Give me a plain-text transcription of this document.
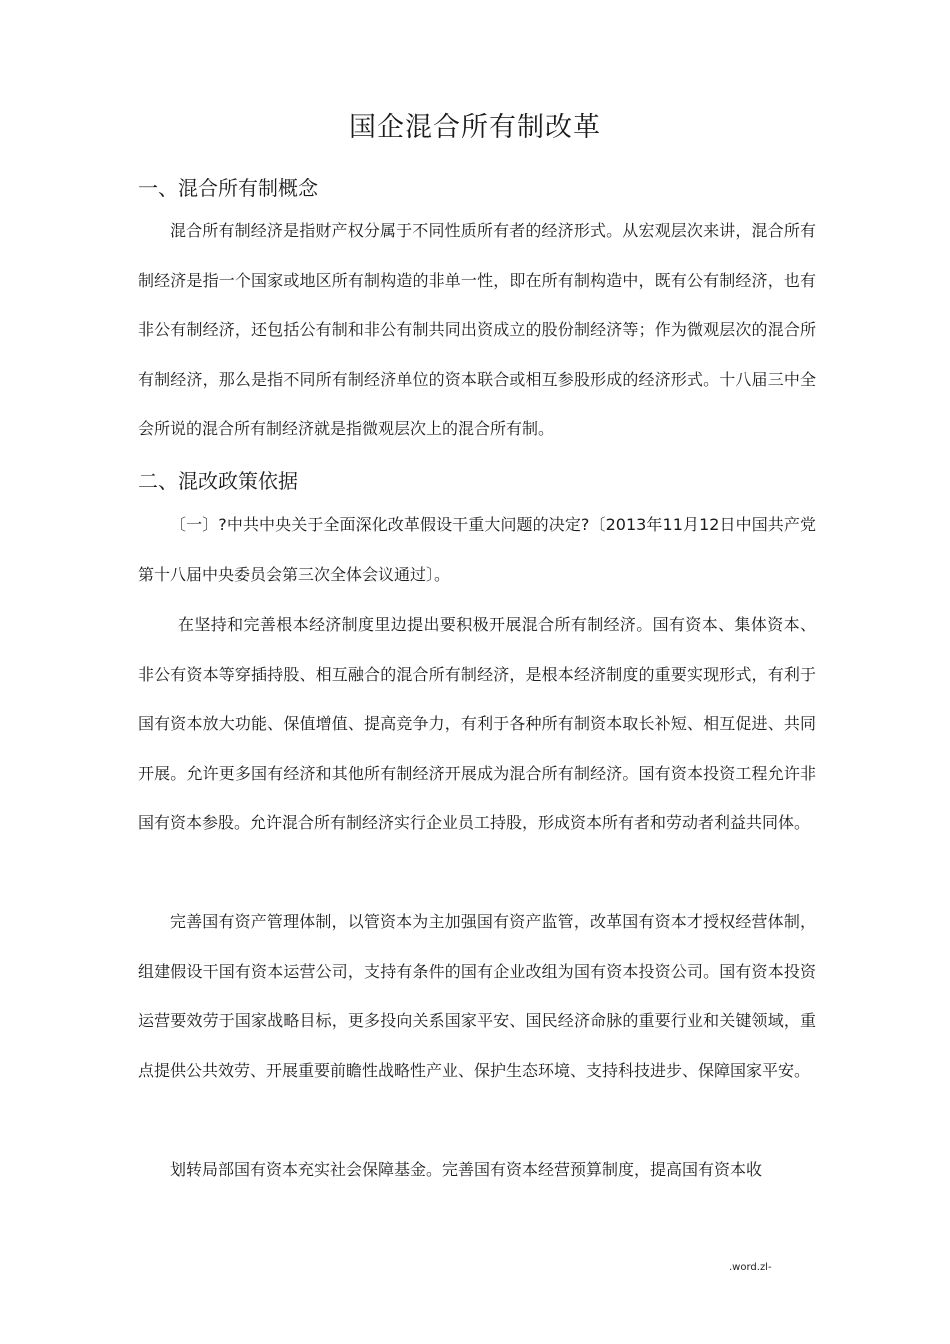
国企混合所有制改革
一、混合所有制概念

混合所有制经济是指财产权分属于不同性质所有者的经济形式。从宏观层次来讲，混合所有制经济是指一个国家或地区所有制构造的非单一性，即在所有制构造中，既有公有制经济，也有非公有制经济，还包括公有制和非公有制共同出资成立的股份制经济等；作为微观层次的混合所有制经济，那么是指不同所有制经济单位的资本联合或相互参股形成的经济形式。十八届三中全会所说的混合所有制经济就是指微观层次上的混合所有制。

二、混改政策依据

〔一〕?中共中央关于全面深化改革假设干重大问题的决定?〔2013年11月12日中国共产党第十八届中央委员会第三次全体会议通过〕。

在坚持和完善根本经济制度里边提出要积极开展混合所有制经济。国有资本、集体资本、非公有资本等穿插持股、相互融合的混合所有制经济，是根本经济制度的重要实现形式，有利于国有资本放大功能、保值增值、提高竞争力，有利于各种所有制资本取长补短、相互促进、共同开展。允许更多国有经济和其他所有制经济开展成为混合所有制经济。国有资本投资工程允许非国有资本参股。允许混合所有制经济实行企业员工持股，形成资本所有者和劳动者利益共同体。

完善国有资产管理体制，以管资本为主加强国有资产监管，改革国有资本才授权经营体制，组建假设干国有资本运营公司，支持有条件的国有企业改组为国有资本投资公司。国有资本投资运营要效劳于国家战略目标，更多投向关系国家平安、国民经济命脉的重要行业和关键领域，重点提供公共效劳、开展重要前瞻性战略性产业、保护生态环境、支持科技进步、保障国家平安。

划转局部国有资本充实社会保障基金。完善国有资本经营预算制度，提高国有资本收

.word.zl-
